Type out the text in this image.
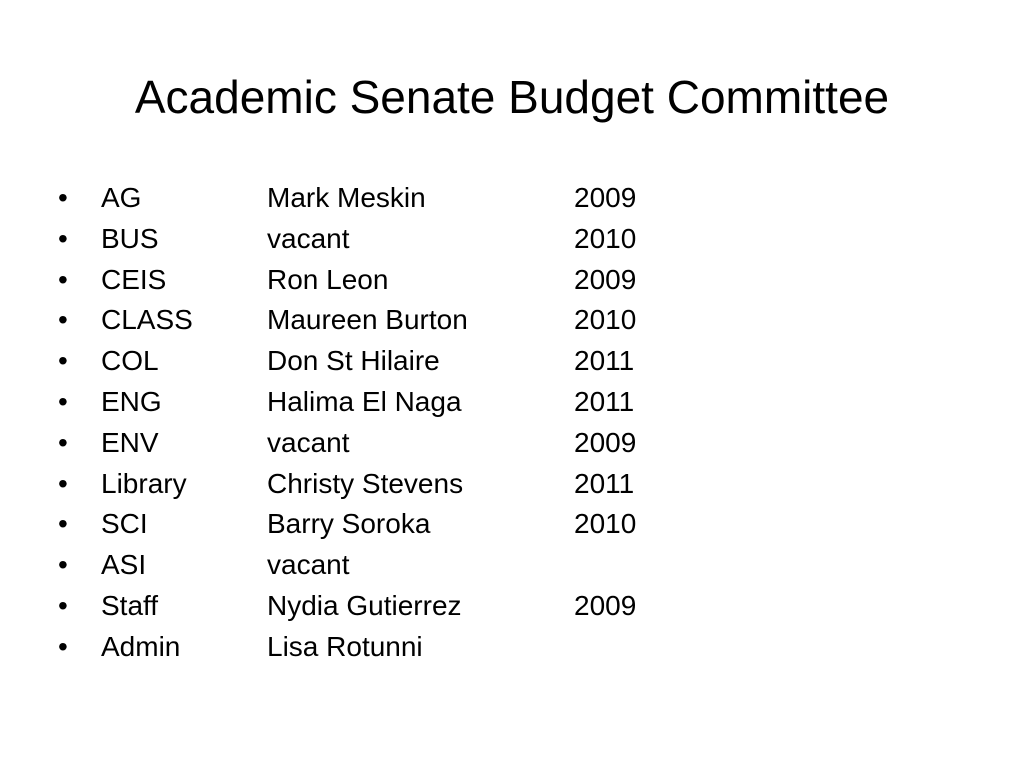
Academic Senate Budget Committee
•	AG	Mark Meskin	2009
•	BUS	vacant	2010
•	CEIS	Ron Leon	2009
•	CLASS	Maureen Burton	2010
•	COL	Don St Hilaire	2011
•	ENG	Halima El Naga	2011
•	ENV	vacant	2009
•	Library	Christy Stevens	2011
•	SCI	Barry Soroka	2010
•	ASI	vacant
•	Staff	Nydia Gutierrez	2009
•	Admin	Lisa Rotunni
